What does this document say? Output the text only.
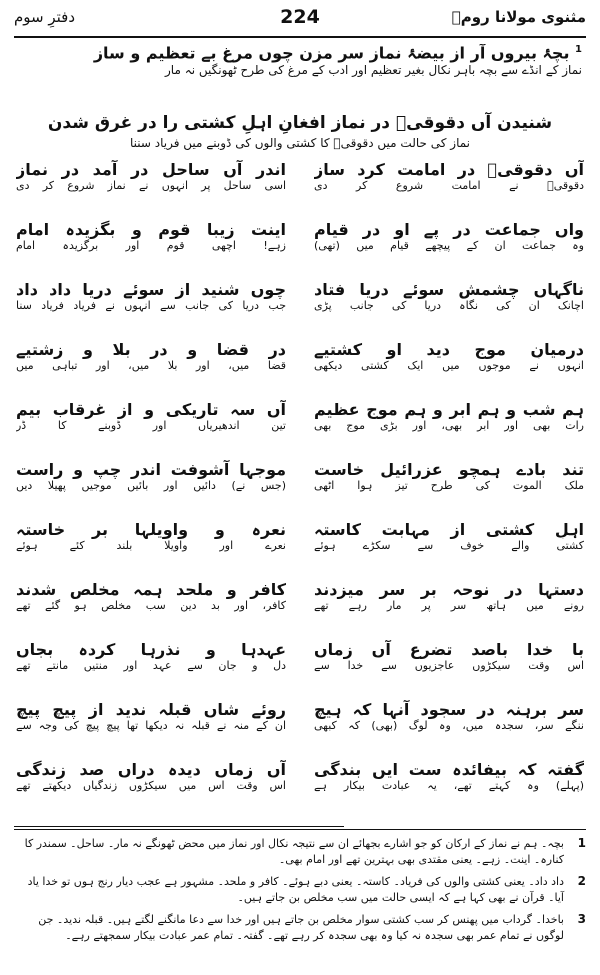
مثنوی مولانا رومؒ
224
دفترِ سوم
$^1$ بچۂ بیروں آر از بیضۂ نماز سر مزن چوں مرغ بے تعظیم و ساز
نماز کے انڈے سے بچہ باہر نکال بغیر تعظیم اور ادب کے مرغ کی طرح ٹھونگیں نہ مار
شنیدن آں دقوقیؒ در نماز افغانِ اہلِ کشتی را در غرق شدن
نماز کی حالت میں دقوقیؒ کا کشتی والوں کی ڈوبنے میں فریاد سننا
آں دقوقیؒ در امامت کرد ساز
دقوقیؒ نے امامت شروع کر دی
اندر آں ساحل در آمد در نماز
اسی ساحل پر انہوں نے نماز شروع کر دی
واں جماعت در پے او در قیام
وہ جماعت ان کے پیچھے قیام میں (تھی)
اینت زیبا قوم و بگزیدہ امام
زہے! اچھی قوم اور برگزیدہ امام
ناگہاں چشمش سوئے دریا فتاد
اچانک ان کی نگاہ دریا کی جانب پڑی
چوں شنید از سوئے دریا داد داد
جب دریا کی جانب سے انہوں نے فریاد فریاد سنا
درمیانِ موج دید او کشتیے
انہوں نے موجوں میں ایک کشتی دیکھی
در قضا و در بلا و زشتیے
قضا میں، اور بلا میں، اور تباہی میں
ہم شب و ہم ابر و ہم موج عظیم
رات بھی اور ابر بھی، اور بڑی موج بھی
آں سہ تاریکی و از غرقاب بیم
تین اندھیریاں اور ڈوبنے کا ڈر
تند بادے ہمچو عزرائیل خاست
ملک الموت کی طرح تیز ہوا اٹھی
موجہا آشوفت اندر چپ و راست
(جس نے) دائیں اور بائیں موجیں پھیلا دیں
اہلِ کشتی از مہابت کاستہ
کشتی والے خوف سے سکڑے ہوئے
نعرہ و واویلہا بر خاستہ
نعرے اور واویلا بلند کئے ہوئے
دستہا در نوحہ بر سر میزدند
رونے میں ہاتھ سر پر مار رہے تھے
کافر و ملحد ہمہ مخلص شدند
کافر، اور بد دین سب مخلص ہو گئے تھے
با خدا باصد تضرع آں زماں
اس وقت سیکڑوں عاجزیوں سے خدا سے
عہدہا و نذرہا کردہ بجاں
دل و جان سے عہد اور منتیں مانتے تھے
سر برہنہ در سجود آنہا کہ ہیچ
ننگے سر، سجدہ میں، وہ لوگ (بھی) کہ کبھی
روئے شاں قبلہ ندید از پیچ پیچ
ان کے منہ نے قبلہ نہ دیکھا تھا پیچ پیچ کی وجہ سے
گفتہ کہ بیفائدہ ست ایں بندگی
(پہلے) وہ کہتے تھے، یہ عبادت بیکار ہے
آں زماں دیدہ دراں صد زندگی
اس وقت اس میں سیکڑوں زندگیاں دیکھتے تھے
1
بچہ۔ ہم نے نماز کے ارکان کو جو اشارے بجھائے ان سے نتیجہ نکال اور نماز میں محض ٹھونگے نہ مار۔ ساحل۔ سمندر کا کنارہ۔ اینت۔ زہے۔ یعنی مقتدی بھی بہترین تھے اور امام بھی۔
2
داد داد۔ یعنی کشتی والوں کی فریاد۔ کاستہ۔ یعنی دبے ہوئے۔ کافر و ملحد۔ مشہور ہے عجب دیار رنج ہوں تو خدا یاد آیا۔ قرآن نے بھی کہا ہے کہ ایسی حالت میں سب مخلص بن جاتے ہیں۔
3
باخدا۔ گرداب میں پھنس کر سب کشتی سوار مخلص بن جاتے ہیں اور خدا سے دعا مانگنے لگتے ہیں۔ قبلہ ندید۔ جن لوگوں نے تمام عمر بھی سجدہ نہ کیا وہ بھی سجدہ کر رہے تھے۔ گفتہ۔ تمام عمر عبادت بیکار سمجھتے رہے۔
